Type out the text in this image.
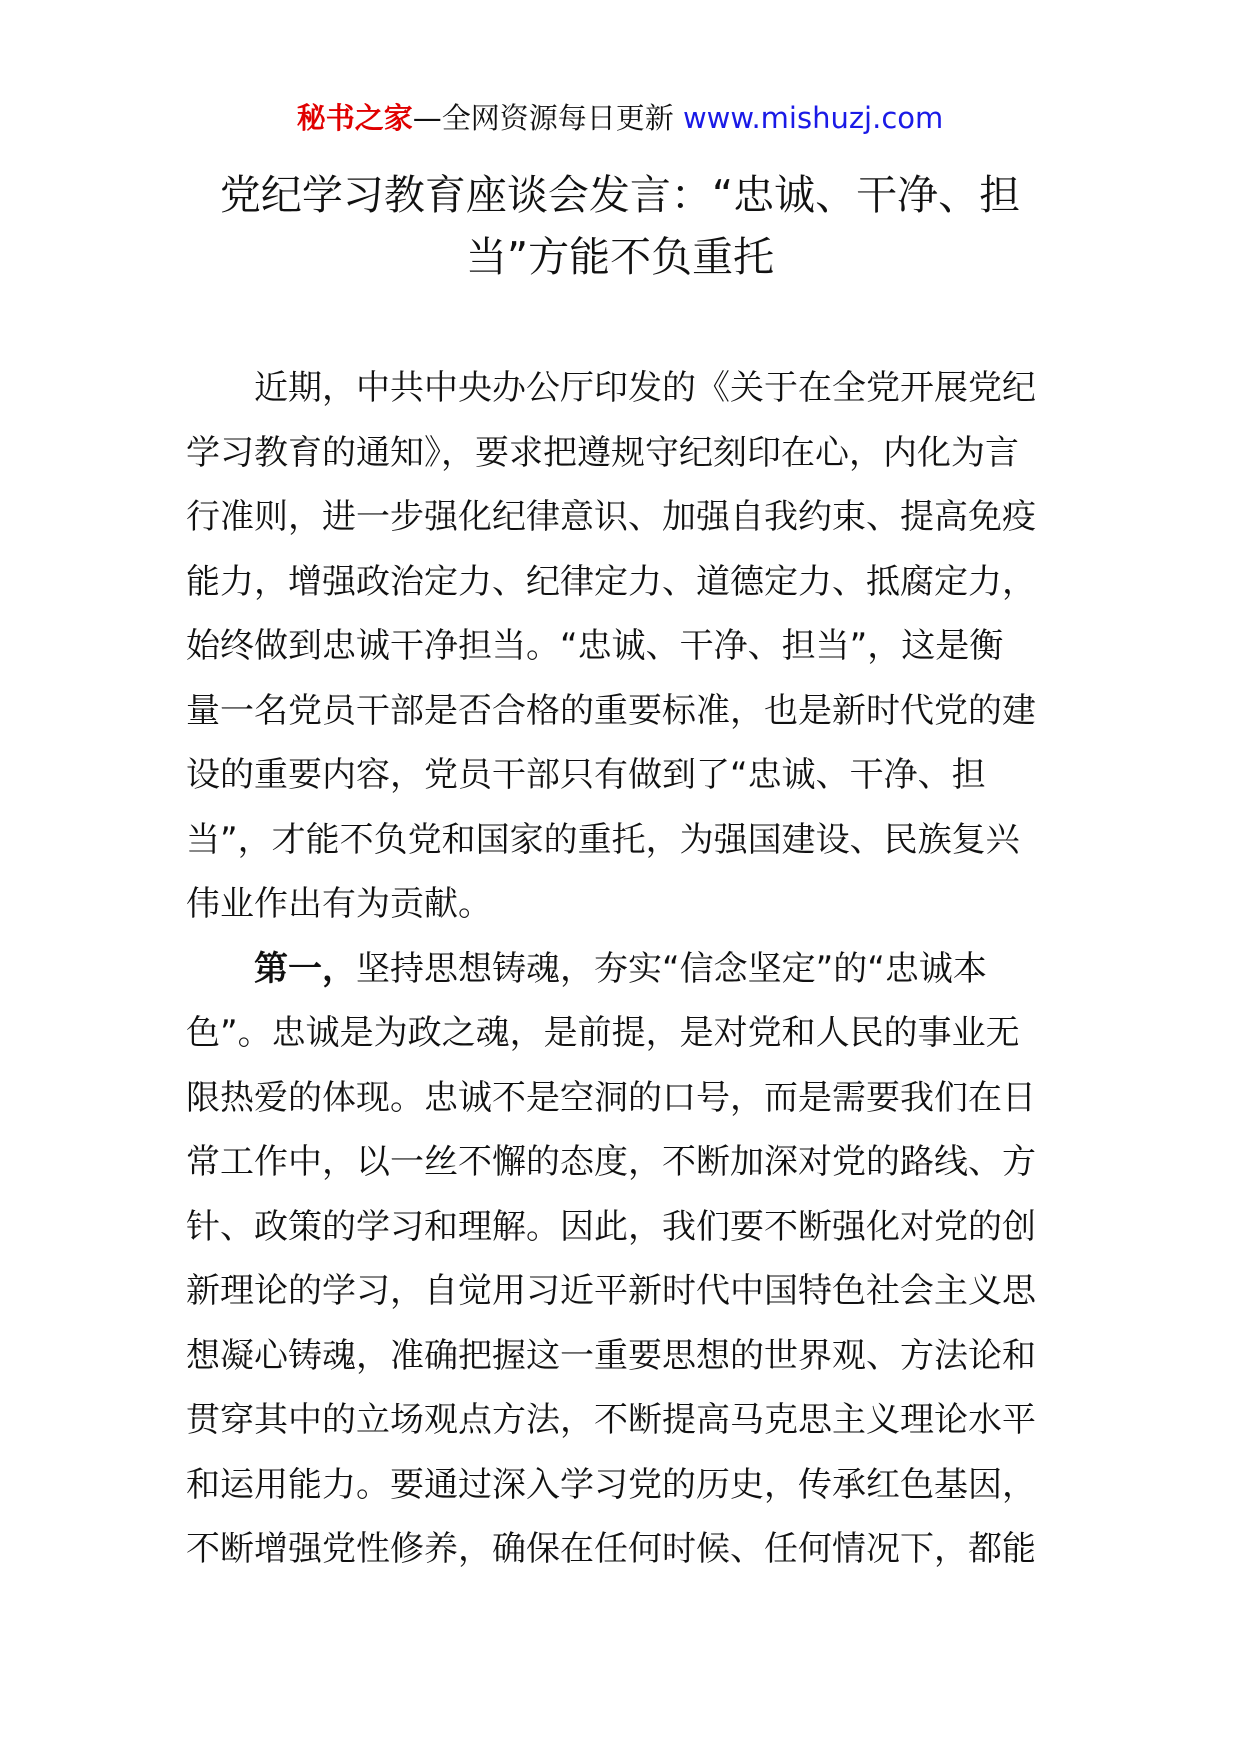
秘书之家—全网资源每日更新 www.mishuzj.com
党纪学习教育座谈会发言：“忠诚、干净、担
当”方能不负重托
近期，中共中央办公厅印发的《关于在全党开展党纪
学习教育的通知》，要求把遵规守纪刻印在心，内化为言
行准则，进一步强化纪律意识、加强自我约束、提高免疫
能力，增强政治定力、纪律定力、道德定力、抵腐定力，
始终做到忠诚干净担当。“忠诚、干净、担当”，这是衡
量一名党员干部是否合格的重要标准，也是新时代党的建
设的重要内容，党员干部只有做到了“忠诚、干净、担
当”，才能不负党和国家的重托，为强国建设、民族复兴
伟业作出有为贡献。
第一，坚持思想铸魂，夯实“信念坚定”的“忠诚本
色”。忠诚是为政之魂，是前提，是对党和人民的事业无
限热爱的体现。忠诚不是空洞的口号，而是需要我们在日
常工作中，以一丝不懈的态度，不断加深对党的路线、方
针、政策的学习和理解。因此，我们要不断强化对党的创
新理论的学习，自觉用习近平新时代中国特色社会主义思
想凝心铸魂，准确把握这一重要思想的世界观、方法论和
贯穿其中的立场观点方法，不断提高马克思主义理论水平
和运用能力。要通过深入学习党的历史，传承红色基因，
不断增强党性修养，确保在任何时候、任何情况下，都能
